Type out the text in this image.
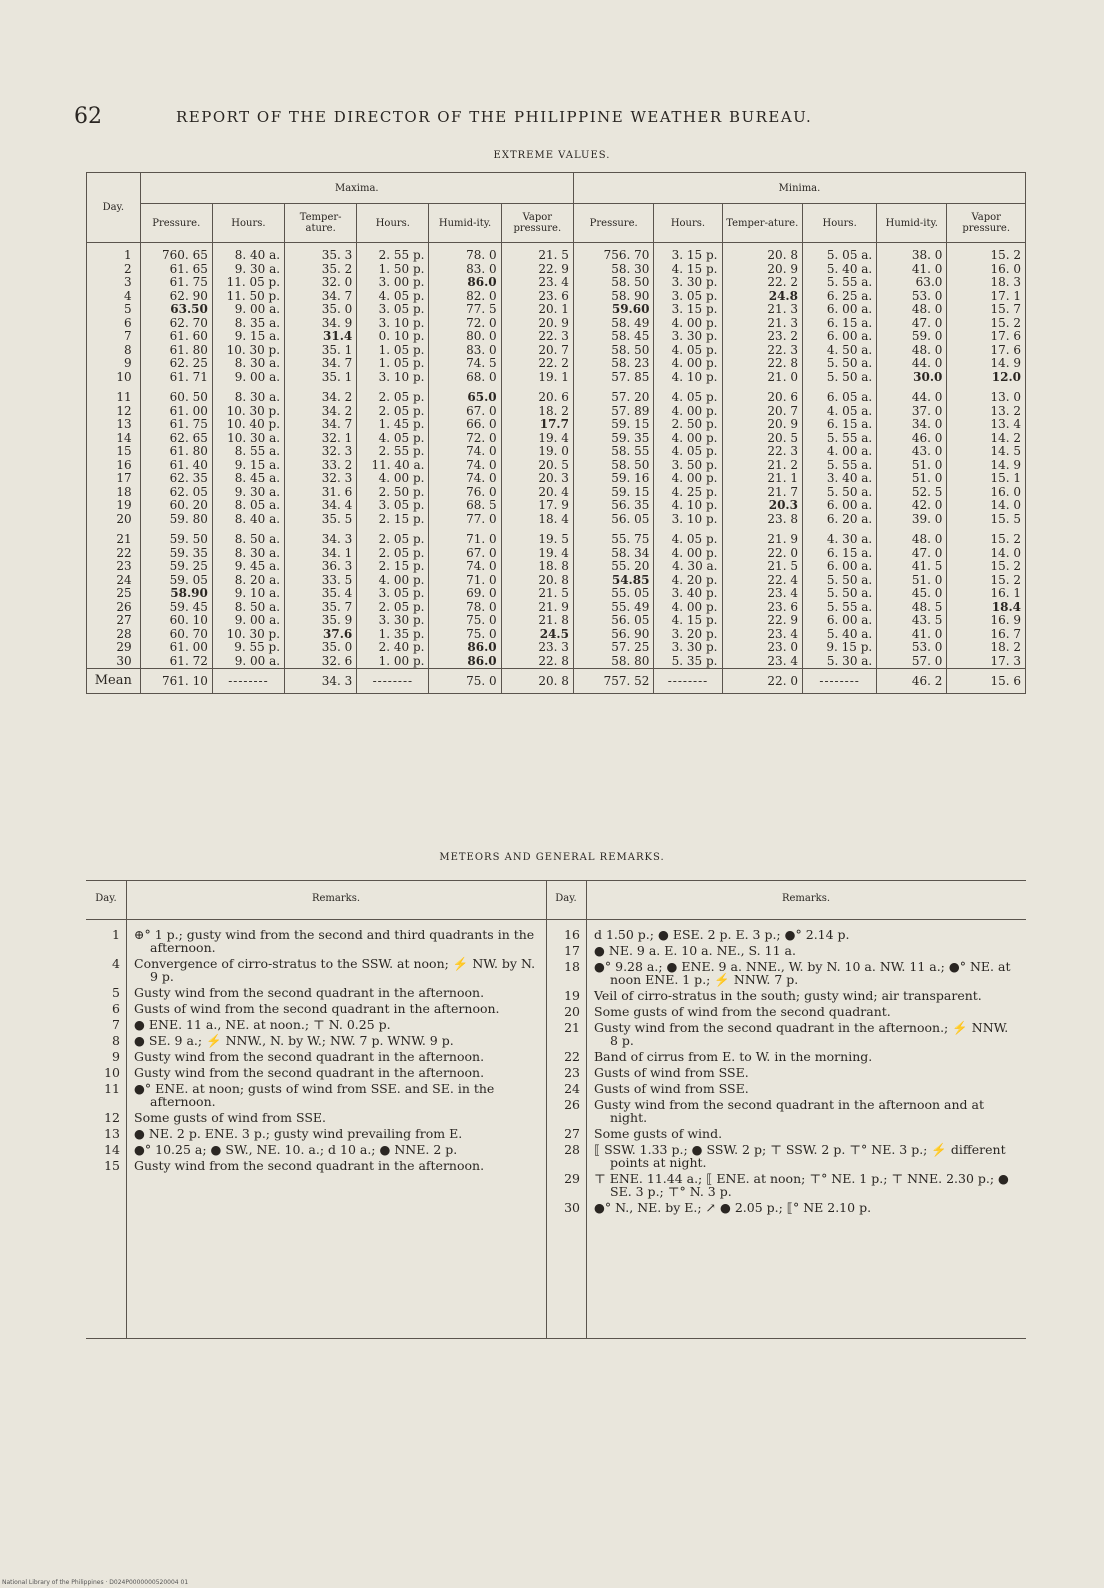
62	REPORT OF THE DIRECTOR OF THE PHILIPPINE WEATHER BUREAU.
EXTREME VALUES.
Day.	Maxima.						Minima.					
	Pressure.	Hours.	Temper-ature.	Hours.	Humid-ity.	Vapor pressure.	Pressure.	Hours.	Temper-ature.	Hours.	Humid-ity.	Vapor pressure.
1	760. 65	8. 40 a.	35. 3	2. 55 p.	78. 0	21. 5	756. 70	3. 15 p.	20. 8	5. 05 a.	38. 0	15. 2
2	61. 65	9. 30 a.	35. 2	1. 50 p.	83. 0	22. 9	58. 30	4. 15 p.	20. 9	5. 40 a.	41. 0	16. 0
3	61. 75	11. 05 p.	32. 0	3. 00 p.	86.0	23. 4	58. 50	3. 30 p.	22. 2	5. 55 a.	63.0	18. 3
4	62. 90	11. 50 p.	34. 7	4. 05 p.	82. 0	23. 6	58. 90	3. 05 p.	24.8	6. 25 a.	53. 0	17. 1
5	63.50	9. 00 a.	35. 0	3. 05 p.	77. 5	20. 1	59.60	3. 15 p.	21. 3	6. 00 a.	48. 0	15. 7
6	62. 70	8. 35 a.	34. 9	3. 10 p.	72. 0	20. 9	58. 49	4. 00 p.	21. 3	6. 15 a.	47. 0	15. 2
7	61. 60	9. 15 a.	31.4	0. 10 p.	80. 0	22. 3	58. 45	3. 30 p.	23. 2	6. 00 a.	59. 0	17. 6
8	61. 80	10. 30 p.	35. 1	1. 05 p.	83. 0	20. 7	58. 50	4. 05 p.	22. 3	4. 50 a.	48. 0	17. 6
9	62. 25	8. 30 a.	34. 7	1. 05 p.	74. 5	22. 2	58. 23	4. 00 p.	22. 8	5. 50 a.	44. 0	14. 9
10	61. 71	9. 00 a.	35. 1	3. 10 p.	68. 0	19. 1	57. 85	4. 10 p.	21. 0	5. 50 a.	30.0	12.0
11	60. 50	8. 30 a.	34. 2	2. 05 p.	65.0	20. 6	57. 20	4. 05 p.	20. 6	6. 05 a.	44. 0	13. 0
12	61. 00	10. 30 p.	34. 2	2. 05 p.	67. 0	18. 2	57. 89	4. 00 p.	20. 7	4. 05 a.	37. 0	13. 2
13	61. 75	10. 40 p.	34. 7	1. 45 p.	66. 0	17.7	59. 15	2. 50 p.	20. 9	6. 15 a.	34. 0	13. 4
14	62. 65	10. 30 a.	32. 1	4. 05 p.	72. 0	19. 4	59. 35	4. 00 p.	20. 5	5. 55 a.	46. 0	14. 2
15	61. 80	8. 55 a.	32. 3	2. 55 p.	74. 0	19. 0	58. 55	4. 05 p.	22. 3	4. 00 a.	43. 0	14. 5
16	61. 40	9. 15 a.	33. 2	11. 40 a.	74. 0	20. 5	58. 50	3. 50 p.	21. 2	5. 55 a.	51. 0	14. 9
17	62. 35	8. 45 a.	32. 3	4. 00 p.	74. 0	20. 3	59. 16	4. 00 p.	21. 1	3. 40 a.	51. 0	15. 1
18	62. 05	9. 30 a.	31. 6	2. 50 p.	76. 0	20. 4	59. 15	4. 25 p.	21. 7	5. 50 a.	52. 5	16. 0
19	60. 20	8. 05 a.	34. 4	3. 05 p.	68. 5	17. 9	56. 35	4. 10 p.	20.3	6. 00 a.	42. 0	14. 0
20	59. 80	8. 40 a.	35. 5	2. 15 p.	77. 0	18. 4	56. 05	3. 10 p.	23. 8	6. 20 a.	39. 0	15. 5
21	59. 50	8. 50 a.	34. 3	2. 05 p.	71. 0	19. 5	55. 75	4. 05 p.	21. 9	4. 30 a.	48. 0	15. 2
22	59. 35	8. 30 a.	34. 1	2. 05 p.	67. 0	19. 4	58. 34	4. 00 p.	22. 0	6. 15 a.	47. 0	14. 0
23	59. 25	9. 45 a.	36. 3	2. 15 p.	74. 0	18. 8	55. 20	4. 30 a.	21. 5	6. 00 a.	41. 5	15. 2
24	59. 05	8. 20 a.	33. 5	4. 00 p.	71. 0	20. 8	54.85	4. 20 p.	22. 4	5. 50 a.	51. 0	15. 2
25	58.90	9. 10 a.	35. 4	3. 05 p.	69. 0	21. 5	55. 05	3. 40 p.	23. 4	5. 50 a.	45. 0	16. 1
26	59. 45	8. 50 a.	35. 7	2. 05 p.	78. 0	21. 9	55. 49	4. 00 p.	23. 6	5. 55 a.	48. 5	18.4
27	60. 10	9. 00 a.	35. 9	3. 30 p.	75. 0	21. 8	56. 05	4. 15 p.	22. 9	6. 00 a.	43. 5	16. 9
28	60. 70	10. 30 p.	37.6	1. 35 p.	75. 0	24.5	56. 90	3. 20 p.	23. 4	5. 40 a.	41. 0	16. 7
29	61. 00	9. 55 p.	35. 0	2. 40 p.	86.0	23. 3	57. 25	3. 30 p.	23. 0	9. 15 p.	53. 0	18. 2
30	61. 72	9. 00 a.	32. 6	1. 00 p.	86.0	22. 8	58. 80	5. 35 p.	23. 4	5. 30 a.	57. 0	17. 3
Mean	761. 10	--------	34. 3	--------	75. 0	20. 8	757. 52	--------	22. 0	--------	46. 2	15. 6
METEORS AND GENERAL REMARKS.
Day.	Remarks.
1 ⊕° 1 p.; gusty wind from the second and third quadrants in the afternoon.
4 Convergence of cirro-stratus to the SSW. at noon; ⚡ NW. by N. 9 p.
5 Gusty wind from the second quadrant in the afternoon.
6 Gusts of wind from the second quadrant in the afternoon.
7 ● ENE. 11 a., NE. at noon.; ⊤ N. 0.25 p.
8 ● SE. 9 a.; ⚡ NNW., N. by W.; NW. 7 p. WNW. 9 p.
9 Gusty wind from the second quadrant in the afternoon.
10 Gusty wind from the second quadrant in the afternoon.
11 ●° ENE. at noon; gusts of wind from SSE. and SE. in the afternoon.
12 Some gusts of wind from SSE.
13 ● NE. 2 p. ENE. 3 p.; gusty wind prevailing from E.
14 ●° 10.25 a; ● SW., NE. 10. a.; d 10 a.; ● NNE. 2 p.
15 Gusty wind from the second quadrant in the afternoon.
Day.	Remarks.
16 d 1.50 p.; ● ESE. 2 p. E. 3 p.; ●° 2.14 p.
17 ● NE. 9 a. E. 10 a. NE., S. 11 a.
18 ●° 9.28 a.; ● ENE. 9 a. NNE., W. by N. 10 a. NW. 11 a.; ●° NE. at noon ENE. 1 p.; ⚡ NNW. 7 p.
19 Veil of cirro-stratus in the south; gusty wind; air transparent.
20 Some gusts of wind from the second quadrant.
21 Gusty wind from the second quadrant in the afternoon.; ⚡ NNW. 8 p.
22 Band of cirrus from E. to W. in the morning.
23 Gusts of wind from SSE.
24 Gusts of wind from SSE.
26 Gusty wind from the second quadrant in the afternoon and at night.
27 Some gusts of wind.
28 ⟦ SSW. 1.33 p.; ● SSW. 2 p; ⊤ SSW. 2 p. ⊤° NE. 3 p.; ⚡ different points at night.
29 ⊤ ENE. 11.44 a.; ⟦ ENE. at noon; ⊤° NE. 1 p.; ⊤ NNE. 2.30 p.; ● SE. 3 p.; ⊤° N. 3 p.
30 ●° N., NE. by E.; ↗ ● 2.05 p.; ⟦° NE 2.10 p.
National Library of the Philippines · D024P0000000520004 01
